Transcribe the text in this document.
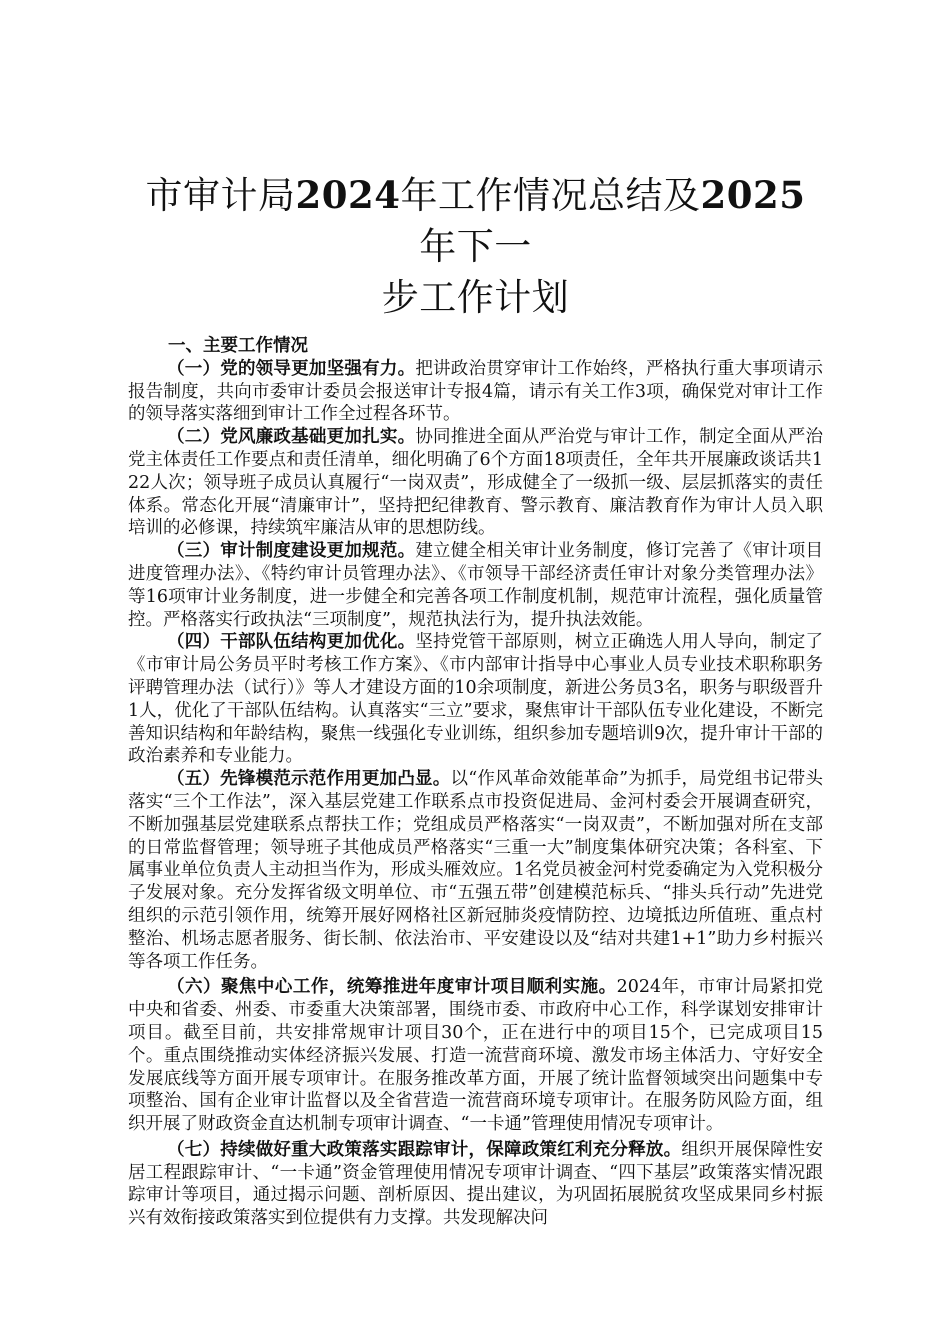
市审计局2024年工作情况总结及2025年下一
步工作计划

一、主要工作情况

（一）党的领导更加坚强有力。把讲政治贯穿审计工作始终，严格执行重大事项请示报告制度，共向市委审计委员会报送审计专报4篇，请示有关工作3项，确保党对审计工作的领导落实落细到审计工作全过程各环节。

（二）党风廉政基础更加扎实。协同推进全面从严治党与审计工作，制定全面从严治党主体责任工作要点和责任清单，细化明确了6个方面18项责任，全年共开展廉政谈话共122人次；领导班子成员认真履行“一岗双责”，形成健全了一级抓一级、层层抓落实的责任体系。常态化开展“清廉审计”，坚持把纪律教育、警示教育、廉洁教育作为审计人员入职培训的必修课，持续筑牢廉洁从审的思想防线。

（三）审计制度建设更加规范。建立健全相关审计业务制度，修订完善了《审计项目进度管理办法》、《特约审计员管理办法》、《市领导干部经济责任审计对象分类管理办法》等16项审计业务制度，进一步健全和完善各项工作制度机制，规范审计流程，强化质量管控。严格落实行政执法“三项制度”，规范执法行为，提升执法效能。

（四）干部队伍结构更加优化。坚持党管干部原则，树立正确选人用人导向，制定了《市审计局公务员平时考核工作方案》、《市内部审计指导中心事业人员专业技术职称职务评聘管理办法（试行）》等人才建设方面的10余项制度，新进公务员3名，职务与职级晋升1人，优化了干部队伍结构。认真落实“三立”要求，聚焦审计干部队伍专业化建设，不断完善知识结构和年龄结构，聚焦一线强化专业训练，组织参加专题培训9次，提升审计干部的政治素养和专业能力。

（五）先锋模范示范作用更加凸显。以“作风革命效能革命”为抓手，局党组书记带头落实“三个工作法”，深入基层党建工作联系点市投资促进局、金河村委会开展调查研究，不断加强基层党建联系点帮扶工作；党组成员严格落实“一岗双责”，不断加强对所在支部的日常监督管理；领导班子其他成员严格落实“三重一大”制度集体研究决策；各科室、下属事业单位负责人主动担当作为，形成头雁效应。1名党员被金河村党委确定为入党积极分子发展对象。充分发挥省级文明单位、市“五强五带”创建模范标兵、“排头兵行动”先进党组织的示范引领作用，统筹开展好网格社区新冠肺炎疫情防控、边境抵边所值班、重点村整治、机场志愿者服务、街长制、依法治市、平安建设以及“结对共建1+1”助力乡村振兴等各项工作任务。

（六）聚焦中心工作，统筹推进年度审计项目顺利实施。2024年，市审计局紧扣党中央和省委、州委、市委重大决策部署，围绕市委、市政府中心工作，科学谋划安排审计项目。截至目前，共安排常规审计项目30个，正在进行中的项目15个，已完成项目15个。重点围绕推动实体经济振兴发展、打造一流营商环境、激发市场主体活力、守好安全发展底线等方面开展专项审计。在服务推改革方面，开展了统计监督领域突出问题集中专项整治、国有企业审计监督以及全省营造一流营商环境专项审计。在服务防风险方面，组织开展了财政资金直达机制专项审计调查、“一卡通”管理使用情况专项审计。

（七）持续做好重大政策落实跟踪审计，保障政策红利充分释放。组织开展保障性安居工程跟踪审计、“一卡通”资金管理使用情况专项审计调查、“四下基层”政策落实情况跟踪审计等项目，通过揭示问题、剖析原因、提出建议，为巩固拓展脱贫攻坚成果同乡村振兴有效衔接政策落实到位提供有力支撑。共发现解决问
